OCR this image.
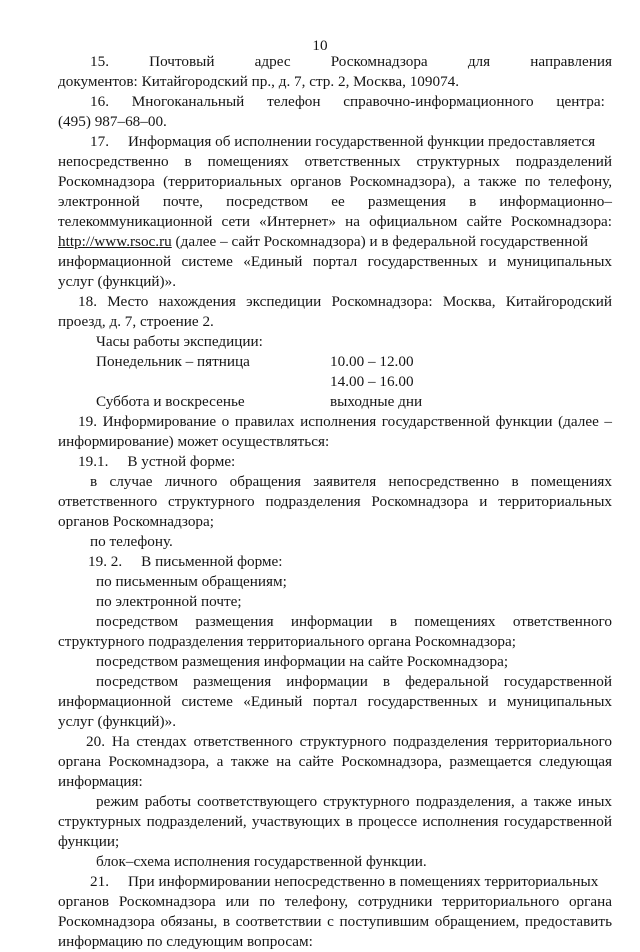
10
15.	Почтовый	адрес	Роскомнадзора	для	направления

документов: Китайгородский пр., д. 7, стр. 2, Москва, 109074.

16.      Многоканальный      телефон      справочно-информационного      центра:

(495) 987–68–00.

17.     Информация об исполнении государственной функции предоставляется

непосредственно в помещениях ответственных структурных подразделений

Роскомнадзора (территориальных органов Роскомнадзора), а также по телефону,

электронной почте, посредством ее размещения в информационно–

телекоммуникационной сети «Интернет» на официальном сайте Роскомнадзора:

http://www.rsoc.ru (далее – сайт Роскомнадзора) и в федеральной государственной

информационной системе «Единый портал государственных и муниципальных

услуг (функций)».

18. Место нахождения экспедиции Роскомнадзора: Москва, Китайгородский

проезд, д. 7, строение 2.

Часы работы экспедиции:

Понедельник – пятница	10.00 – 12.00
14.00 – 16.00
Суббота и воскресенье	выходные дни

19. Информирование о правилах исполнения государственной функции (далее –

информирование) может осуществляться:

19.1.     В устной форме:

в случае личного обращения заявителя непосредственно в помещениях

ответственного структурного подразделения Роскомнадзора и территориальных

органов Роскомнадзора;

по телефону.

19. 2.     В письменной форме:

по письменным обращениям;

по электронной почте;

посредством размещения информации в помещениях ответственного

структурного подразделения территориального органа Роскомнадзора;

посредством размещения информации на сайте Роскомнадзора;

посредством размещения информации в федеральной государственной

информационной системе «Единый портал государственных и муниципальных

услуг (функций)».

20. На стендах ответственного структурного подразделения территориального

органа Роскомнадзора, а также на сайте Роскомнадзора, размещается следующая

информация:

режим работы соответствующего структурного подразделения, а также иных

структурных подразделений, участвующих в процессе исполнения государственной

функции;

блок–схема исполнения государственной функции.

21.     При информировании непосредственно в помещениях территориальных

органов Роскомнадзора или по телефону, сотрудники территориального органа

Роскомнадзора обязаны, в соответствии с поступившим обращением, предоставить

информацию по следующим вопросам:
